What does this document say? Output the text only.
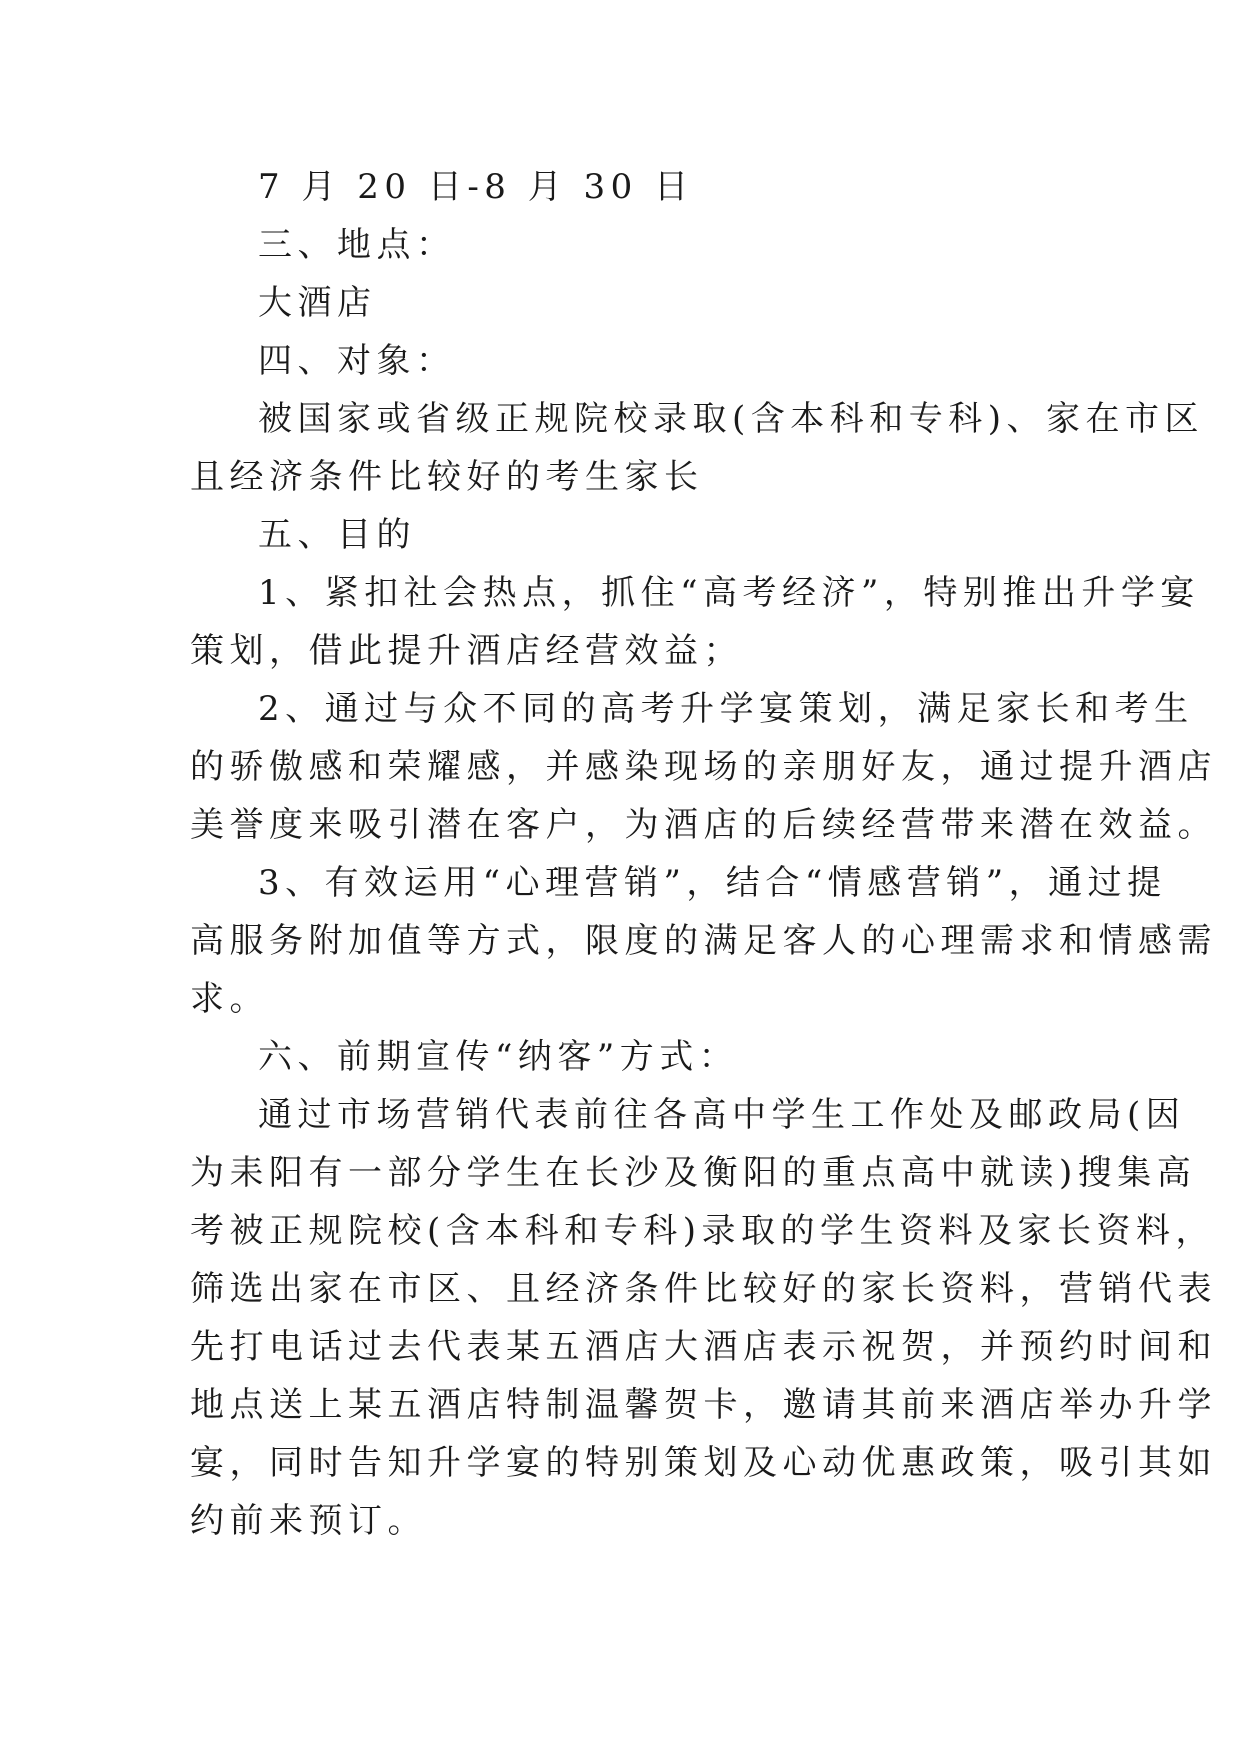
7 月 20 日-8 月 30 日
三、地点：
大酒店
四、对象：
被国家或省级正规院校录取(含本科和专科)、家在市区
且经济条件比较好的考生家长
五、目的
1、紧扣社会热点，抓住“高考经济”，特别推出升学宴
策划，借此提升酒店经营效益；
2、通过与众不同的高考升学宴策划，满足家长和考生
的骄傲感和荣耀感，并感染现场的亲朋好友，通过提升酒店
美誉度来吸引潜在客户，为酒店的后续经营带来潜在效益。
3、有效运用“心理营销”，结合“情感营销”，通过提
高服务附加值等方式，限度的满足客人的心理需求和情感需
求。
六、前期宣传“纳客”方式：
通过市场营销代表前往各高中学生工作处及邮政局(因
为耒阳有一部分学生在长沙及衡阳的重点高中就读)搜集高
考被正规院校(含本科和专科)录取的学生资料及家长资料，
筛选出家在市区、且经济条件比较好的家长资料，营销代表
先打电话过去代表某五酒店大酒店表示祝贺，并预约时间和
地点送上某五酒店特制温馨贺卡，邀请其前来酒店举办升学
宴，同时告知升学宴的特别策划及心动优惠政策，吸引其如
约前来预订。
